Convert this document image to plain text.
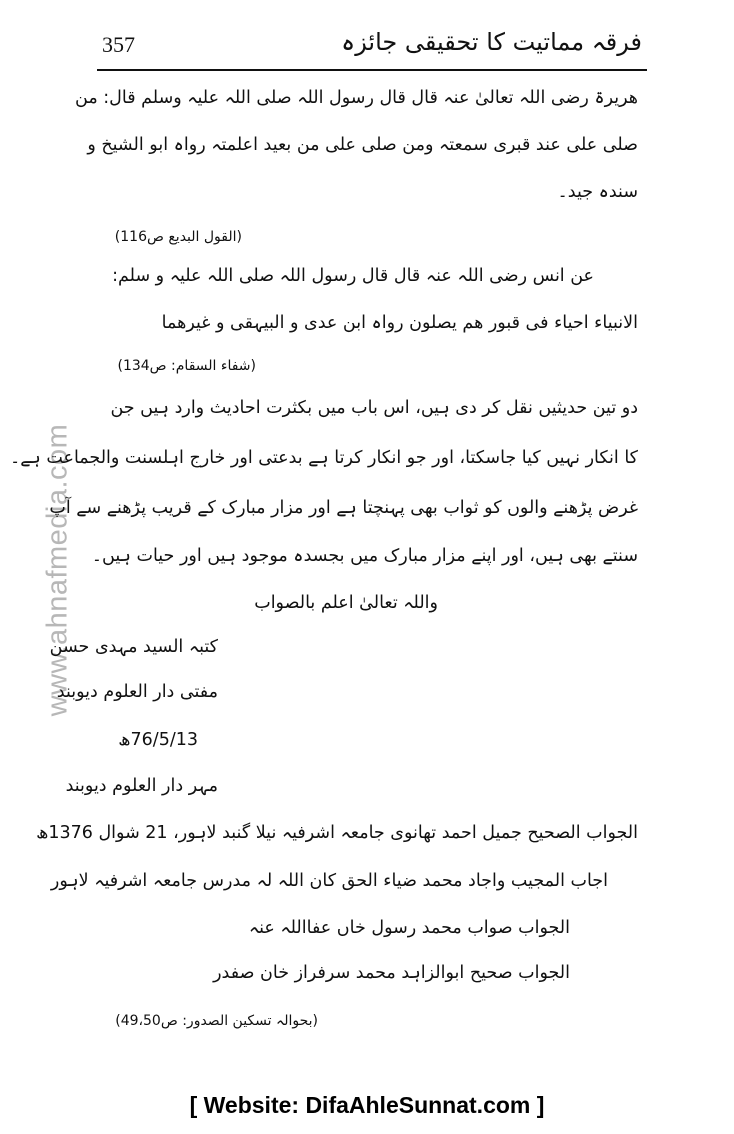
فرقہ مماتیت کا تحقیقی جائزہ
357
www.ahnafmedia.com
ھریرۃ رضی اللہ تعالیٰ عنہ قال قال رسول اللہ صلی اللہ علیہ وسلم قال: من
صلی علی عند قبری سمعتہ ومن صلی علی من بعید اعلمتہ رواہ ابو الشیخ و
سندہ جید۔
(القول البدیع ص116)
عن انس رضی اللہ عنہ قال قال رسول اللہ صلی اللہ علیہ و سلم:
الانبیاء احیاء فی قبور ھم یصلون رواہ ابن عدی و البیہقی و غیرھما
(شفاء السقام: ص134)
دو تین حدیثیں نقل کر دی ہیں، اس باب میں بکثرت احادیث وارد ہیں جن
کا انکار نہیں کیا جاسکتا، اور جو انکار کرتا ہے بدعتی اور خارج اہلسنت والجماعت ہے۔
غرض پڑھنے والوں کو ثواب بھی پہنچتا ہے اور مزار مبارک کے قریب پڑھنے سے آپ
سنتے بھی ہیں، اور اپنے مزار مبارک میں بجسدہ موجود ہیں اور حیات ہیں۔
واللہ تعالیٰ اعلم بالصواب
کتبہ السید مہدی حسن
مفتی دار العلوم دیوبند
76/5/13ھ
مہر دار العلوم دیوبند
الجواب الصحیح جمیل احمد تھانوی جامعہ اشرفیہ نیلا گنبد لاہور، 21 شوال 1376ھ
اجاب المجیب واجاد محمد ضیاء الحق کان اللہ لہ مدرس جامعہ اشرفیہ لاہور
الجواب صواب محمد رسول خاں عفااللہ عنہ
الجواب صحیح ابوالزاہد محمد سرفراز خان صفدر
(بحوالہ تسکین الصدور: ص49،50)
[ Website: DifaAhleSunnat.com ]
